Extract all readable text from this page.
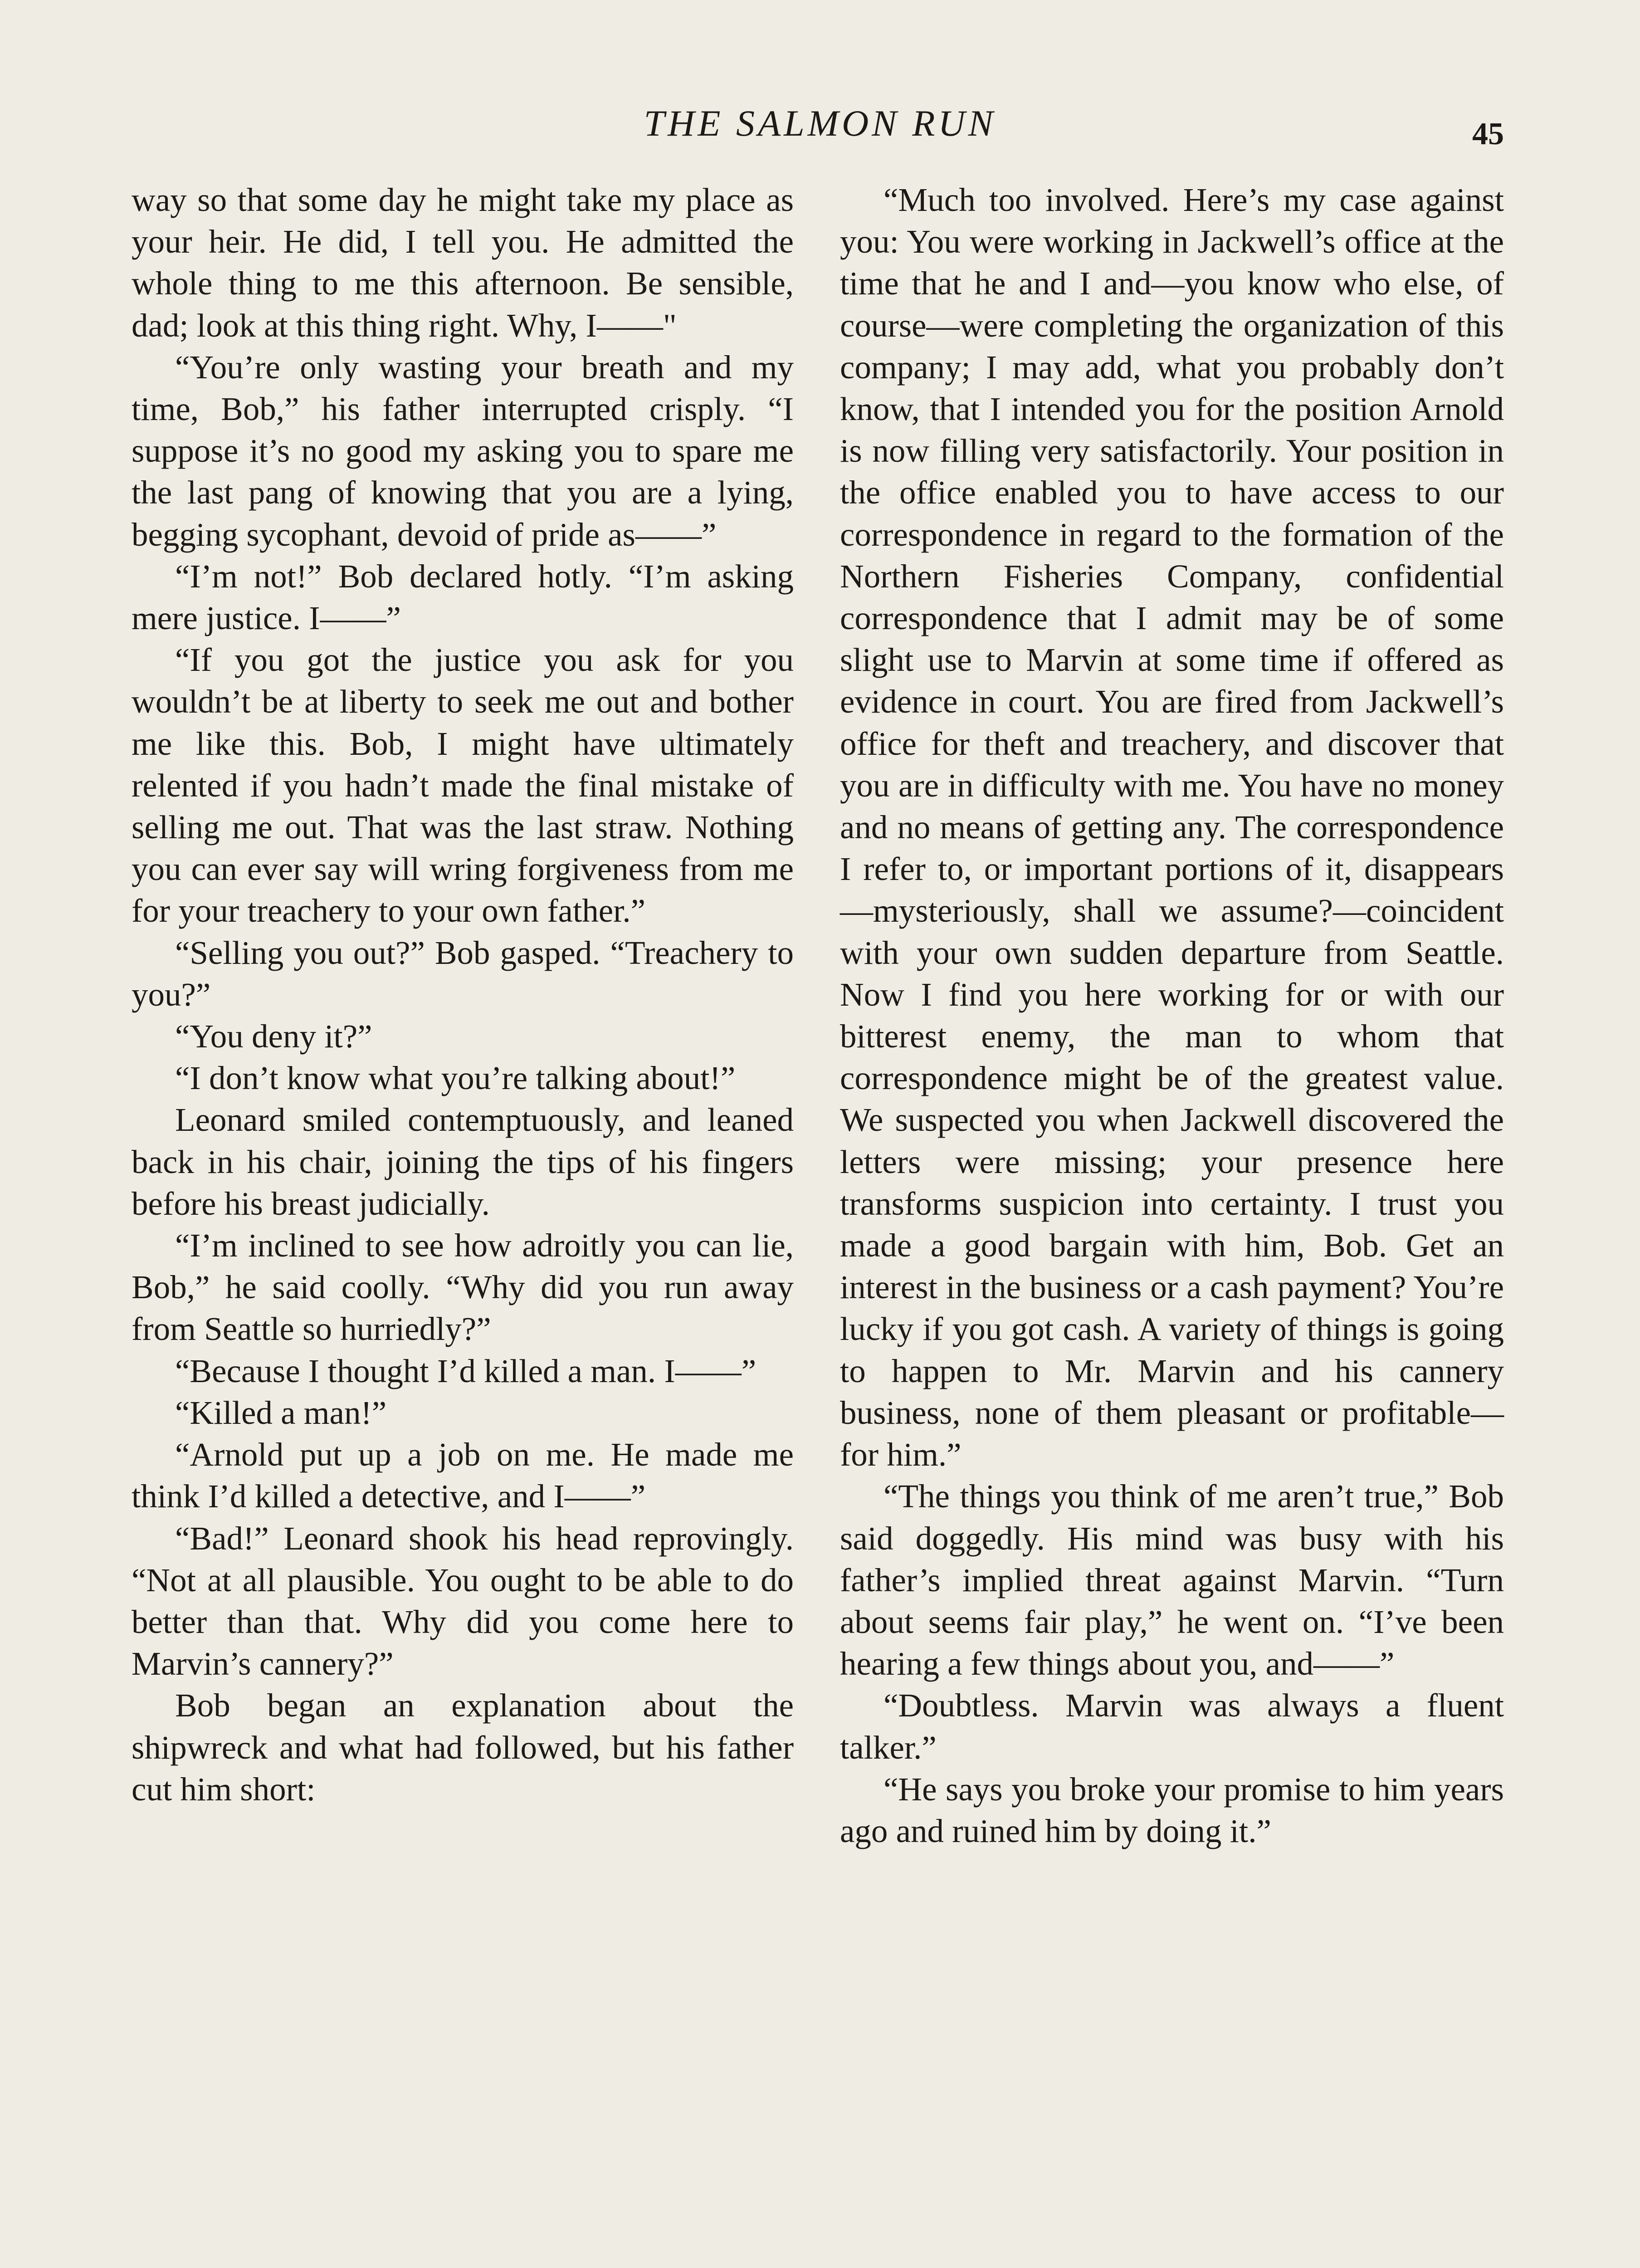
THE SALMON RUN	45

way so that some day he might take my place as your heir. He did, I tell you. He admitted the whole thing to me this afternoon. Be sensible, dad; look at this thing right. Why, I——"

“You’re only wasting your breath and my time, Bob,” his father interrupted crisply. “I suppose it’s no good my asking you to spare me the last pang of knowing that you are a lying, begging sycophant, devoid of pride as——”

“I’m not!” Bob declared hotly. “I’m asking mere justice. I——”

“If you got the justice you ask for you wouldn’t be at liberty to seek me out and bother me like this. Bob, I might have ultimately relented if you hadn’t made the final mistake of selling me out. That was the last straw. Nothing you can ever say will wring forgiveness from me for your treachery to your own father.”

“Selling you out?” Bob gasped. “Treachery to you?”

“You deny it?”

“I don’t know what you’re talking about!”

Leonard smiled contemptuously, and leaned back in his chair, joining the tips of his fingers before his breast judicially.

“I’m inclined to see how adroitly you can lie, Bob,” he said coolly. “Why did you run away from Seattle so hurriedly?”

“Because I thought I’d killed a man. I——”

“Killed a man!”

“Arnold put up a job on me. He made me think I’d killed a detective, and I——”

“Bad!” Leonard shook his head reprovingly. “Not at all plausible. You ought to be able to do better than that. Why did you come here to Marvin’s cannery?”

Bob began an explanation about the shipwreck and what had followed, but his father cut him short:

“Much too involved. Here’s my case against you: You were working in Jackwell’s office at the time that he and I and—you know who else, of course—were completing the organization of this company; I may add, what you probably don’t know, that I intended you for the position Arnold is now filling very satisfactorily. Your position in the office enabled you to have access to our correspondence in regard to the formation of the Northern Fisheries Company, confidential correspondence that I admit may be of some slight use to Marvin at some time if offered as evidence in court. You are fired from Jackwell’s office for theft and treachery, and discover that you are in difficulty with me. You have no money and no means of getting any. The correspondence I refer to, or important portions of it, disappears—mysteriously, shall we assume?—coincident with your own sudden departure from Seattle. Now I find you here working for or with our bitterest enemy, the man to whom that correspondence might be of the greatest value. We suspected you when Jackwell discovered the letters were missing; your presence here transforms suspicion into certainty. I trust you made a good bargain with him, Bob. Get an interest in the business or a cash payment? You’re lucky if you got cash. A variety of things is going to happen to Mr. Marvin and his cannery business, none of them pleasant or profitable—for him.”

“The things you think of me aren’t true,” Bob said doggedly. His mind was busy with his father’s implied threat against Marvin. “Turn about seems fair play,” he went on. “I’ve been hearing a few things about you, and——”

“Doubtless. Marvin was always a fluent talker.”

“He says you broke your promise to him years ago and ruined him by doing it.”
